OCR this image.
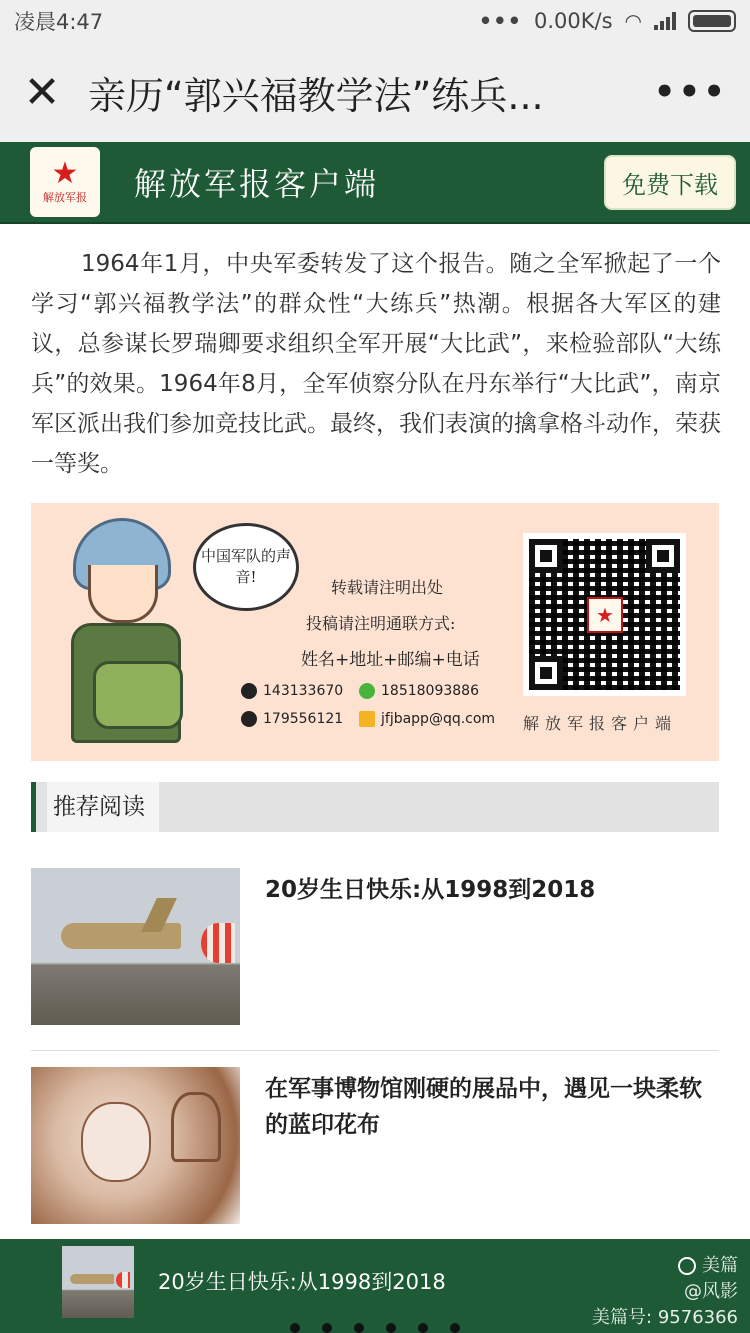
凌晨4:47	••• 0.00K/s ◠
✕ 亲历“郭兴福教学法”练兵...	•••
★
解放军报 解放军报客户端	免费下载

1964年1月，中央军委转发了这个报告。随之全军掀起了一个学习“郭兴福教学法”的群众性“大练兵”热潮。根据各大军区的建议，总参谋长罗瑞卿要求组织全军开展“大比武”，来检验部队“大练兵”的效果。1964年8月，全军侦察分队在丹东举行“大比武”，南京军区派出我们参加竞技比武。最终，我们表演的擒拿格斗动作，荣获一等奖。

中国军队的声音!
转载请注明出处
投稿请注明通联方式:
姓名+地址+邮编+电话
143133670	18518093886
179556121	jfjbapp@qq.com
★
解放军报客户端
推荐阅读
20岁生日快乐:从1998到2018
在军事博物馆刚硬的展品中，遇见一块柔软的蓝印花布
20岁生日快乐:从1998到2018
美篇
@风影
美篇号: 9576366
